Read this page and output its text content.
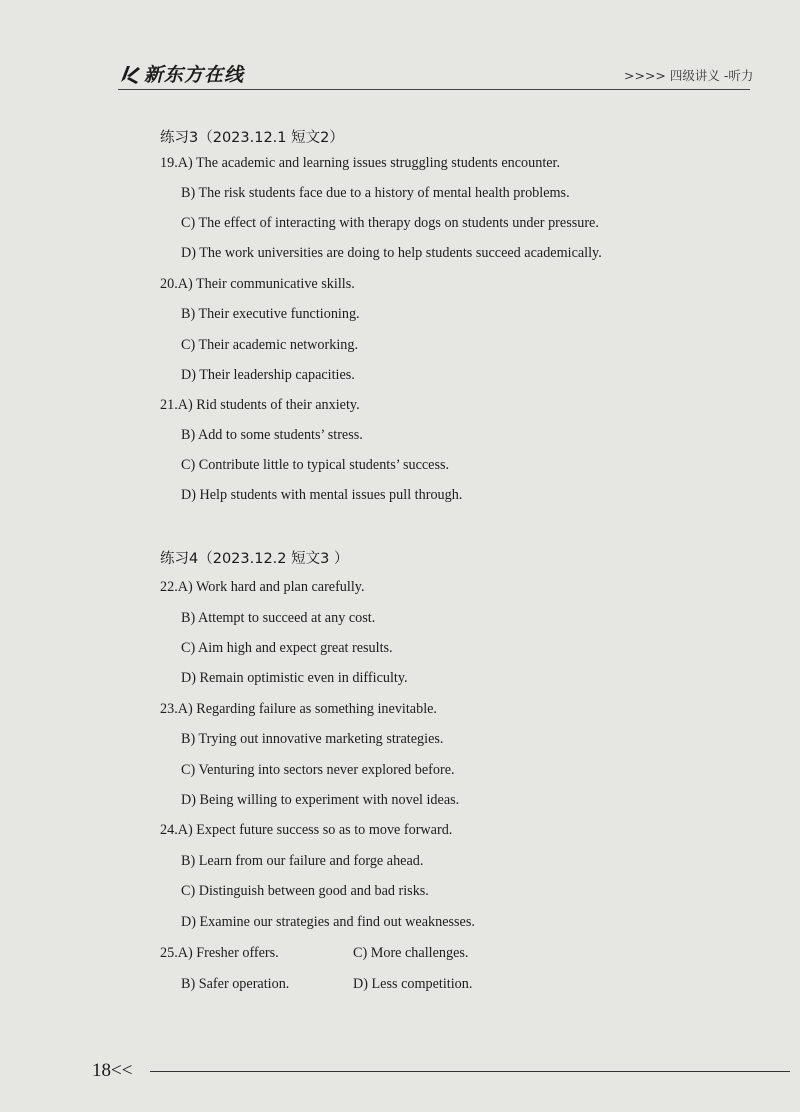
新东方在线	>>>> 四级讲义 -听力
练习3（2023.12.1 短文2）
19.A) The academic and learning issues struggling students encounter.
B) The risk students face due to a history of mental health problems.
C) The effect of interacting with therapy dogs on students under pressure.
D) The work universities are doing to help students succeed academically.
20.A) Their communicative skills.
B) Their executive functioning.
C) Their academic networking.
D) Their leadership capacities.
21.A) Rid students of their anxiety.
B) Add to some students’ stress.
C) Contribute little to typical students’ success.
D) Help students with mental issues pull through.
练习4（2023.12.2 短文3 ）
22.A) Work hard and plan carefully.
B) Attempt to succeed at any cost.
C) Aim high and expect great results.
D) Remain optimistic even in difficulty.
23.A) Regarding failure as something inevitable.
B) Trying out innovative marketing strategies.
C) Venturing into sectors never explored before.
D) Being willing to experiment with novel ideas.
24.A) Expect future success so as to move forward.
B) Learn from our failure and forge ahead.
C) Distinguish between good and bad risks.
D) Examine our strategies and find out weaknesses.
25.A) Fresher offers.	C) More challenges.
B) Safer operation.	D) Less competition.
18<<
